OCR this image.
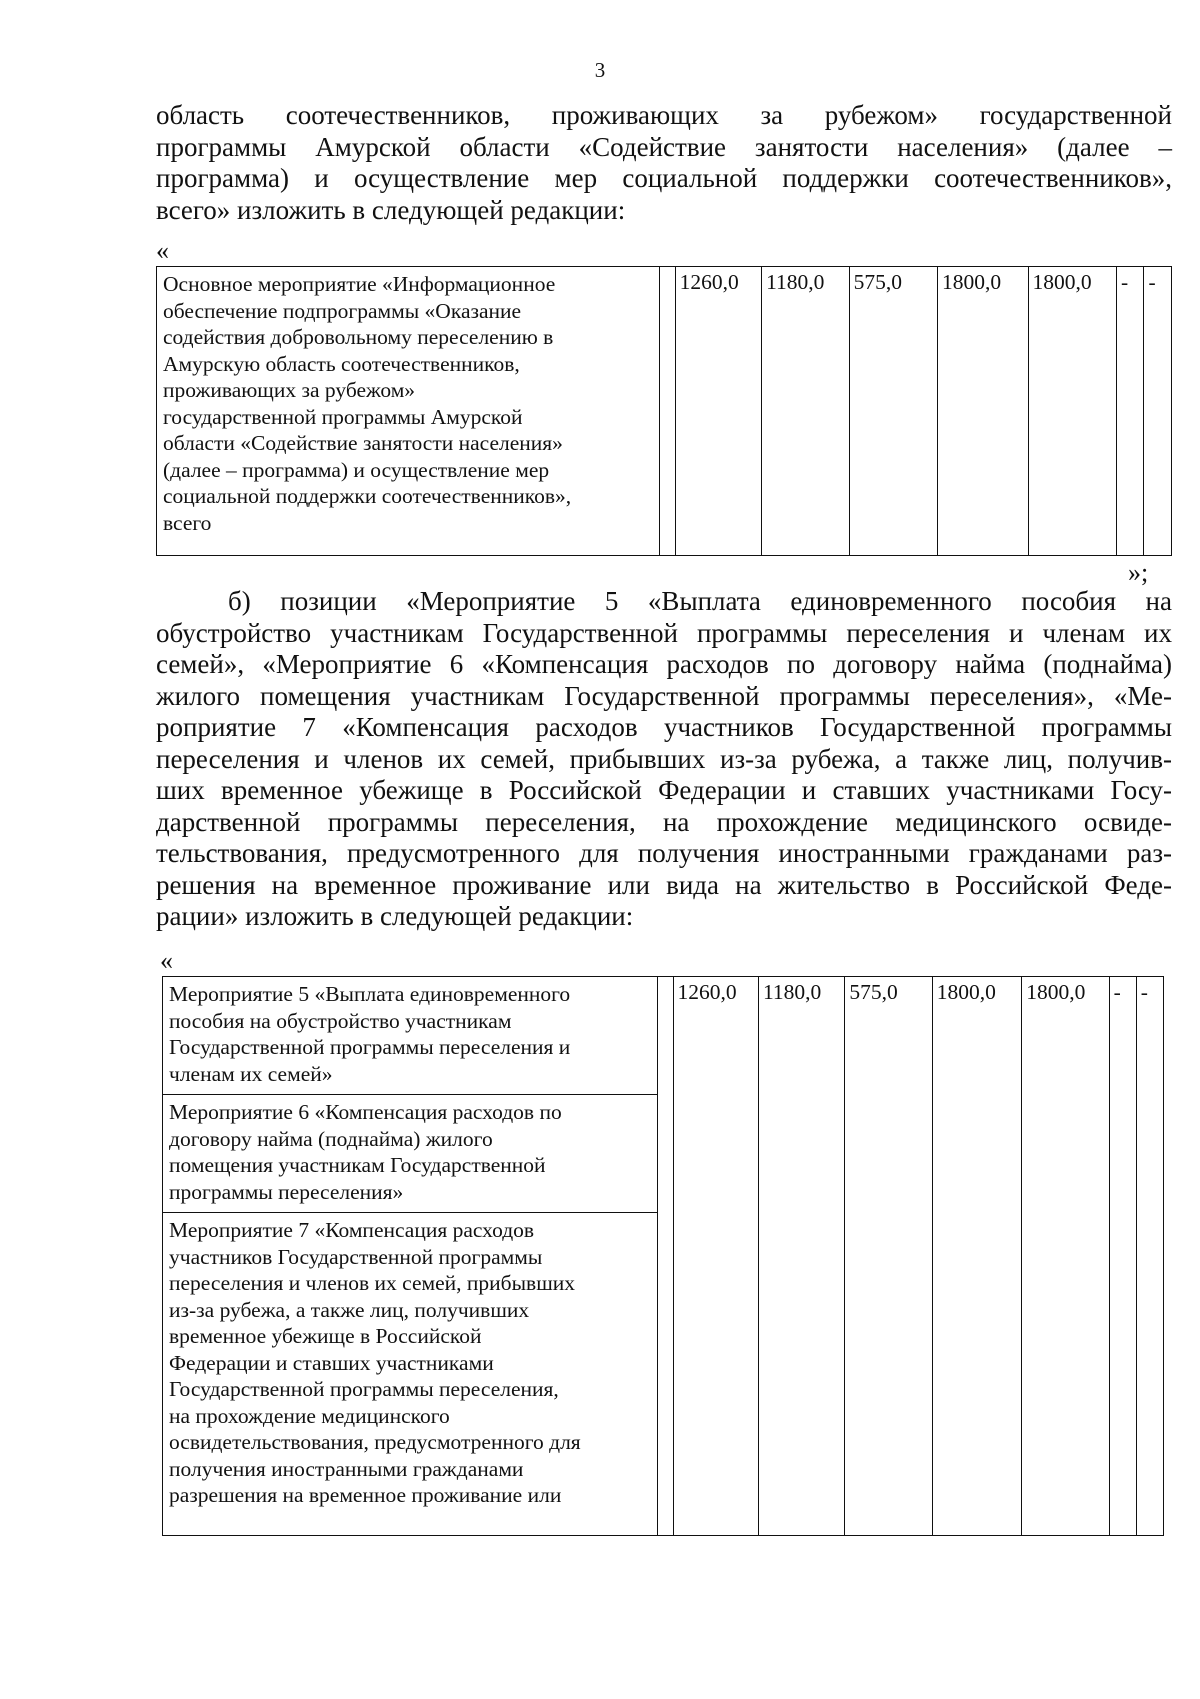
3
область соотечественников, проживающих за рубежом» государственной
программы Амурской области «Содействие занятости населения» (далее –
программа) и осуществление мер социальной поддержки соотечественников»,
всего» изложить в следующей редакции:
«
Основное мероприятие «Информационное
обеспечение подпрограммы «Оказание
содействия добровольному переселению в
Амурскую область соотечественников,
проживающих за рубежом»
государственной программы Амурской
области «Содействие занятости населения»
(далее – программа) и осуществление мер
социальной поддержки соотечественников»,
всего
		1260,0	1180,0	575,0	1800,0	1800,0	-	-
»;
б) позиции «Мероприятие 5 «Выплата единовременного пособия на
обустройство участникам Государственной программы переселения и членам их
семей», «Мероприятие 6 «Компенсация расходов по договору найма (поднайма)
жилого помещения участникам Государственной программы переселения», «Ме-
роприятие 7 «Компенсация расходов участников Государственной программы
переселения и членов их семей, прибывших из-за рубежа, а также лиц, получив-
ших временное убежище в Российской Федерации и ставших участниками Госу-
дарственной программы переселения, на прохождение медицинского освиде-
тельствования, предусмотренного для получения иностранными гражданами раз-
решения на временное проживание или вида на жительство в Российской Феде-
рации» изложить в следующей редакции:
«
Мероприятие 5 «Выплата единовременного
пособия на обустройство участникам
Государственной программы переселения и
членам их семей»
		1260,0	1180,0	575,0	1800,0	1800,0	-	-

Мероприятие 6 «Компенсация расходов по
договору найма (поднайма) жилого
помещения участникам Государственной
программы переселения»

Мероприятие 7 «Компенсация расходов
участников Государственной программы
переселения и членов их семей, прибывших
из-за рубежа, а также лиц, получивших
временное убежище в Российской
Федерации и ставших участниками
Государственной программы переселения,
на прохождение медицинского
освидетельствования, предусмотренного для
получения иностранными гражданами
разрешения на временное проживание или
